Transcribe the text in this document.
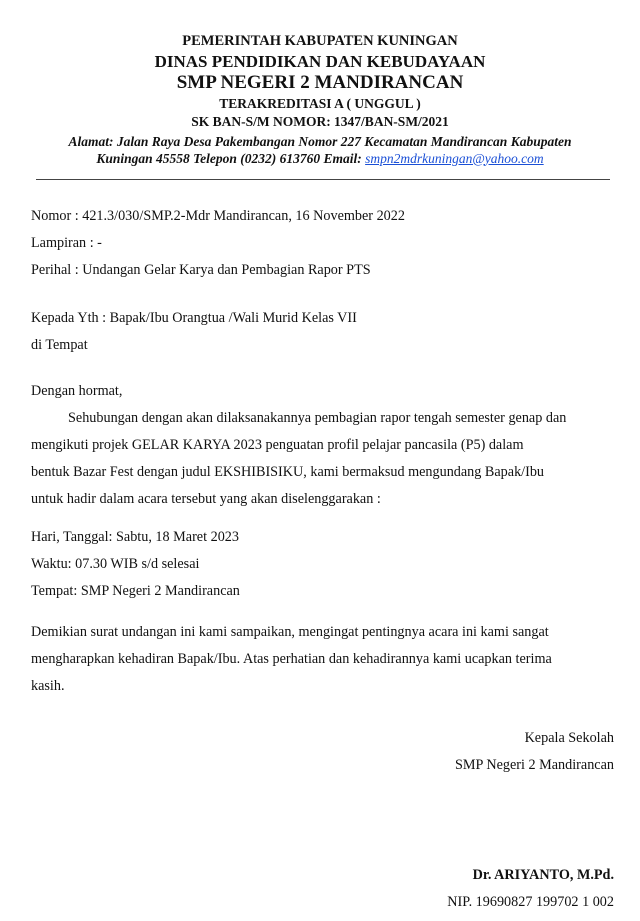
PEMERINTAH KABUPATEN KUNINGAN
DINAS PENDIDIKAN DAN KEBUDAYAAN
SMP NEGERI 2 MANDIRANCAN
TERAKREDITASI A ( UNGGUL )
SK BAN-S/M NOMOR: 1347/BAN-SM/2021
Alamat: Jalan Raya Desa Pakembangan Nomor 227 Kecamatan Mandirancan Kabupaten
Kuningan 45558 Telepon (0232) 613760 Email: smpn2mdrkuningan@yahoo.com
Nomor : 421.3/030/SMP.2-Mdr Mandirancan, 16 November 2022
Lampiran : -
Perihal : Undangan Gelar Karya dan Pembagian Rapor PTS
Kepada Yth : Bapak/Ibu Orangtua /Wali Murid Kelas VII
di Tempat
Dengan hormat,
Sehubungan dengan akan dilaksanakannya pembagian rapor tengah semester genap dan
mengikuti projek GELAR KARYA 2023 penguatan profil pelajar pancasila (P5) dalam
bentuk Bazar Fest dengan judul EKSHIBISIKU, kami bermaksud mengundang Bapak/Ibu
untuk hadir dalam acara tersebut yang akan diselenggarakan :
Hari, Tanggal: Sabtu, 18 Maret 2023
Waktu: 07.30 WIB s/d selesai
Tempat: SMP Negeri 2 Mandirancan
Demikian surat undangan ini kami sampaikan, mengingat pentingnya acara ini kami sangat
mengharapkan kehadiran Bapak/Ibu. Atas perhatian dan kehadirannya kami ucapkan terima
kasih.
Kepala Sekolah
SMP Negeri 2 Mandirancan
Dr. ARIYANTO, M.Pd.
NIP. 19690827 199702 1 002
